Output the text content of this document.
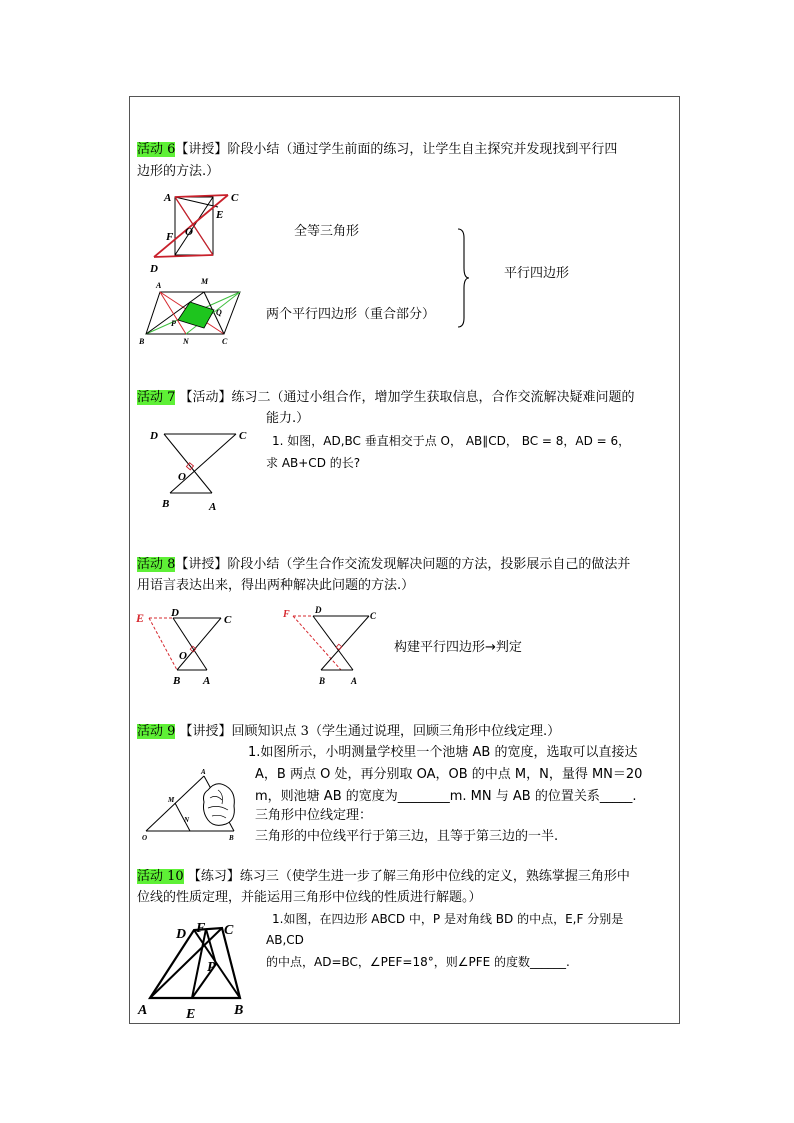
活动 6【讲授】阶段小结（通过学生前面的练习，让学生自主探究并发现找到平行四
边形的方法.）
A	C
E
O
F
D
全等三角形
平行四边形
两个平行四边形（重合部分）
A	M
Q
P
B	N	C
活动 7 【活动】练习二（通过小组合作，增加学生获取信息，合作交流解决疑难问题的
能力.）
1. 如图，AD,BC 垂直相交于点 O， AB∥CD， BC = 8，AD = 6，
求 AB+CD 的长?
D	C
O
B	A
活动 8【讲授】阶段小结（学生合作交流发现解决问题的方法，投影展示自己的做法并
用语言表达出来，得出两种解决此问题的方法.）
E D
C
O
B A
F	D
C
B	A
构建平行四边形→判定
活动 9 【讲授】回顾知识点 3（学生通过说理，回顾三角形中位线定理.）
1.如图所示，小明测量学校里一个池塘 AB 的宽度，选取可以直接达
A，B 两点 O 处，再分别取 OA，OB 的中点 M，N，量得 MN＝20
m，则池塘 AB 的宽度为________m. MN 与 AB 的位置关系_____.
三角形中位线定理：
三角形的中位线平行于第三边，且等于第三边的一半.
A
M
N
O	B
活动 10 【练习】练习三（使学生进一步了解三角形中位线的定义，熟练掌握三角形中
位线的性质定理，并能运用三角形中位线的性质进行解题。）
1.如图，在四边形 ABCD 中，P 是对角线 BD 的中点，E,F 分别是
AB,CD
的中点，AD=BC，∠PEF=18°，则∠PFE 的度数______.
D F C
P
A	E	B
